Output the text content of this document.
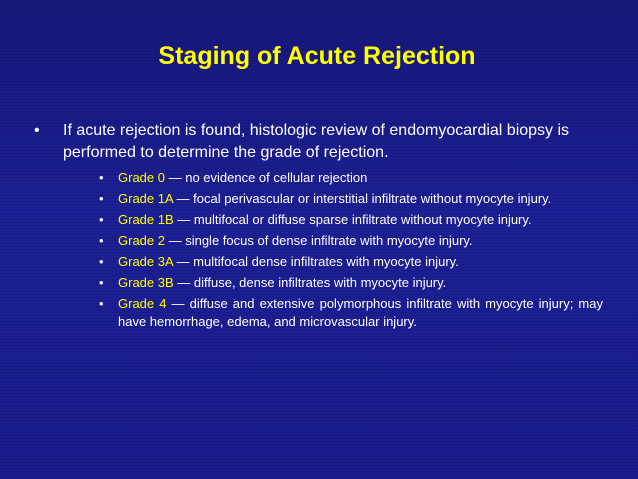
Staging of Acute Rejection
•	If acute rejection is found, histologic review of endomyocardial biopsy is performed to determine the grade of rejection.
• Grade 0 — no evidence of cellular rejection
• Grade 1A — focal perivascular or interstitial infiltrate without myocyte injury.
• Grade 1B — multifocal or diffuse sparse infiltrate without myocyte injury.
• Grade 2 — single focus of dense infiltrate with myocyte injury.
• Grade 3A — multifocal dense infiltrates with myocyte injury.
• Grade 3B — diffuse, dense infiltrates with myocyte injury.
• Grade 4 — diffuse and extensive polymorphous infiltrate with myocyte injury; may have hemorrhage, edema, and microvascular injury.
